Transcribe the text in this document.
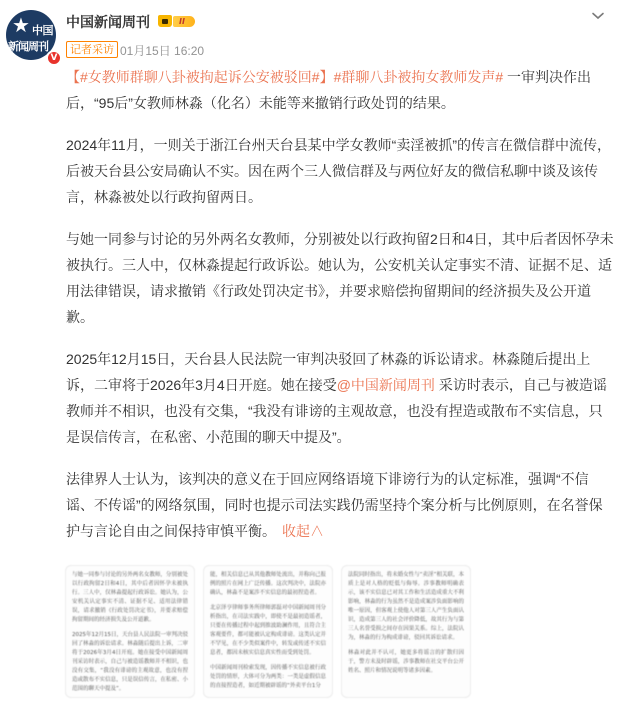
★ 中国
新闻周刊
V
中国新闻周刊	II
记者采访 01月15日 16:20

【#女教师群聊八卦被拘起诉公安被驳回#】#群聊八卦被拘女教师发声# 一审判决作出后，“95后”女教师林淼（化名）未能等来撤销行政处罚的结果。

2024年11月，一则关于浙江台州天台县某中学女教师“卖淫被抓”的传言在微信群中流传，后被天台县公安局确认不实。因在两个三人微信群及与两位好友的微信私聊中谈及该传言，林淼被处以行政拘留两日。

与她一同参与讨论的另外两名女教师，分别被处以行政拘留2日和4日，其中后者因怀孕未被执行。三人中，仅林淼提起行政诉讼。她认为，公安机关认定事实不清、证据不足、适用法律错误，请求撤销《行政处罚决定书》，并要求赔偿拘留期间的经济损失及公开道歉。

2025年12月15日，天台县人民法院一审判决驳回了林淼的诉讼请求。林淼随后提出上诉，二审将于2026年3月4日开庭。她在接受@中国新闻周刊 采访时表示，自己与被造谣教师并不相识，也没有交集，“我没有诽谤的主观故意，也没有捏造或散布不实信息，只是误信传言，在私密、小范围的聊天中提及”。

法律界人士认为，该判决的意义在于回应网络语境下诽谤行为的认定标准，强调“不信谣、不传谣”的网络氛围，同时也提示司法实践仍需坚持个案分析与比例原则，在名誉保护与言论自由之间保持审慎平衡。 收起∧

与她一同参与讨论的另外两名女教师，分别被处以行政拘留2日和4日，其中后者因怀孕未被执行。三人中，仅林淼提起行政诉讼。她认为，公安机关认定事实不清、证据不足、适用法律错误，请求撤销《行政处罚决定书》，并要求赔偿拘留期间的经济损失及公开道歉。

2025年12月15日，天台县人民法院一审判决驳回了林淼的诉讼请求。林淼随后提出上诉，二审将于2026年3月4日开庭。她在接受中国新闻周刊采访时表示，自己与被造谣教师并不相识，也没有交集，“我没有诽谤的主观故意，也没有捏造或散布不实信息，只是误信传言，在私密、小范围的聊天中提及”。

能，相关信息已从其他教师处流出，并称向己报例的照片在网上广泛传播。这次判决中，法院亦确认，林淼不是案涉不实信息的最初捏造者。

北京泽亨律师事务所律师郭磊对中国新闻周刊分析指出，在司法实践中，即使不是最初造谣者，只要在传播过程中起到推波助澜作用，且符合主客观要件，都可能被认定构成诽谤。这类认定并不罕见，在不少类似案件中，转发或传述不实信息者，都因未核实信息真实性而受到处罚。

中国新闻周刊检索发现，因传播不实信息被行政处罚的情形，大体可分为两类：一类是虚假信息的直接捏造者，如近期被辟谣的“外卖平台1分

法院同时指出，将未婚女性与“卖淫”相关联，本质上是对人格的贬低与侮辱。涉事教师明确表示，该不实信息已对其工作和生活造成重大不利影响，林淼的行为虽然不是造成案涉负面影响的唯一原因，但客观上使他人对第三人产生负面认识，造成第三人的社会评价降低，故其行为与第三人名誉受损之间存在因果关系。综上，法院认为，林淼的行为构成诽谤，驳回其诉讼请求。

林淼对此并不认可，她更多将谣言的扩散归因于，警方未及时辟谣，涉事教师在社交平台公开姓名、照片和情况说明等诸多因素。
